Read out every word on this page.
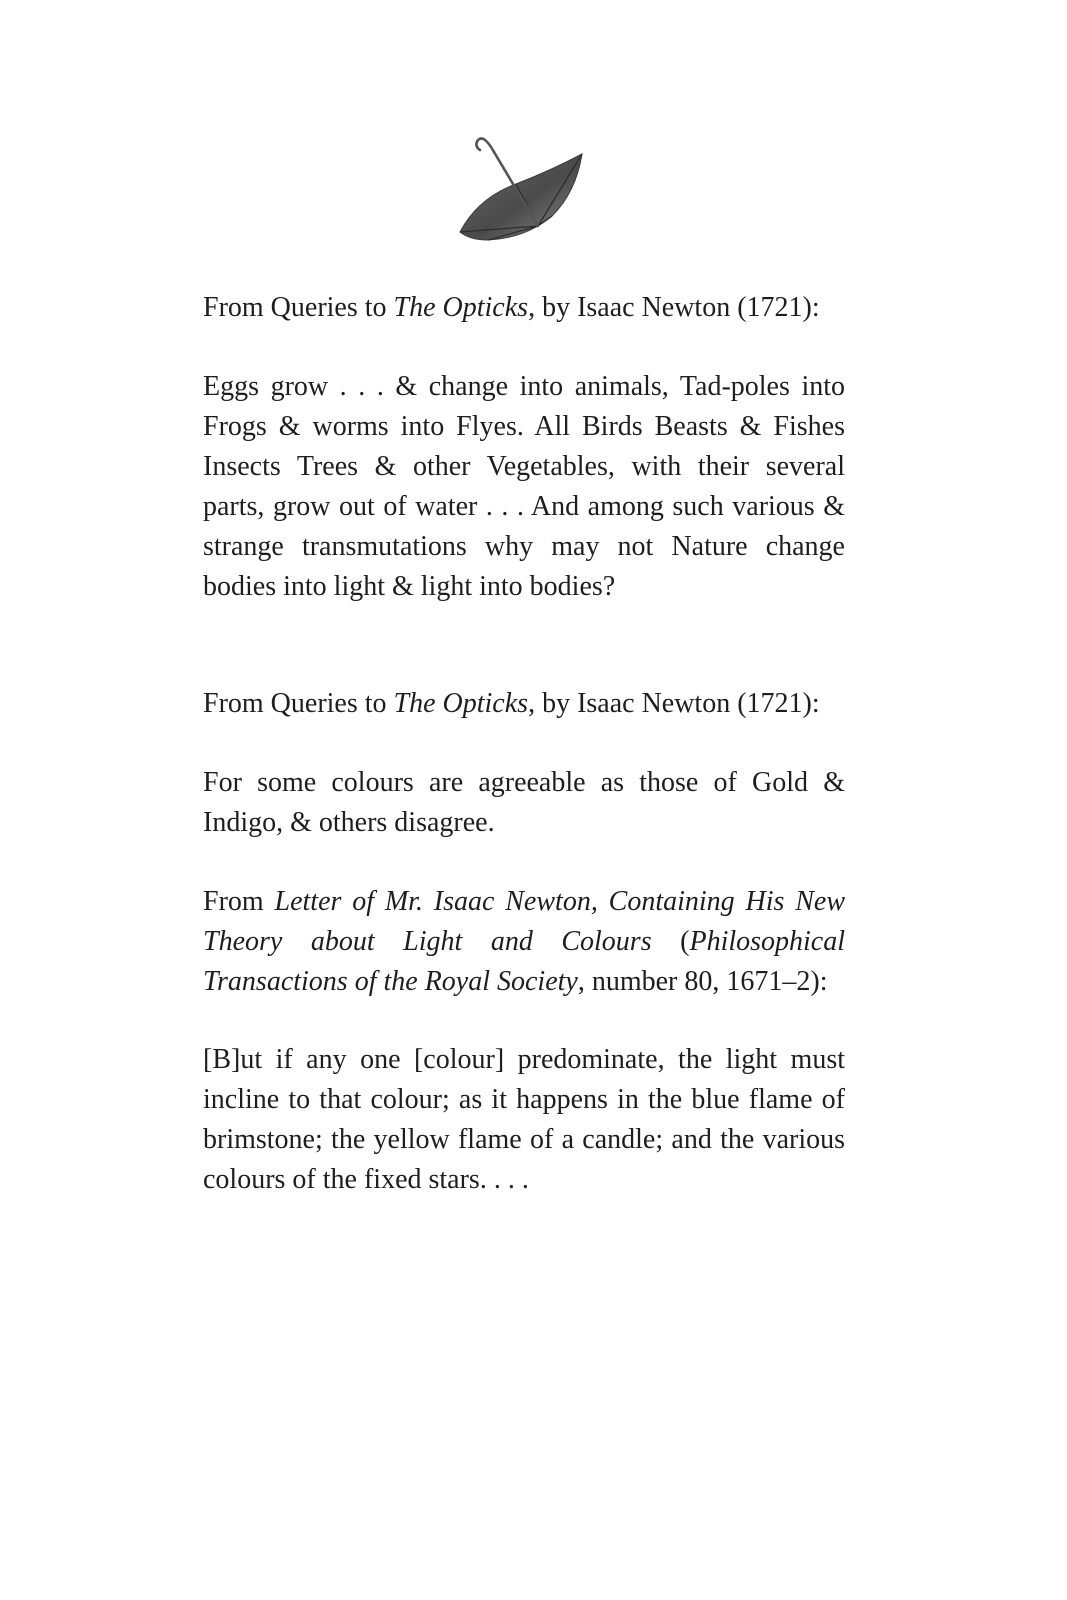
From Queries to The Opticks, by Isaac Newton (1721):

Eggs grow . . . & change into animals, Tad-poles into Frogs & worms into Flyes. All Birds Beasts & Fishes Insects Trees & other Vegetables, with their several parts, grow out of water . . . And among such various & strange transmutations why may not Nature change bodies into light & light into bodies?

From Queries to The Opticks, by Isaac Newton (1721):

For some colours are agreeable as those of Gold & Indigo, & others disagree.

From Letter of Mr. Isaac Newton, Containing His New Theory about Light and Colours (Philosophical Transactions of the Royal Society, number 80, 1671–2):

[B]ut if any one [colour] predominate, the light must incline to that colour; as it happens in the blue flame of brimstone; the yellow flame of a candle; and the various colours of the fixed stars. . . .
